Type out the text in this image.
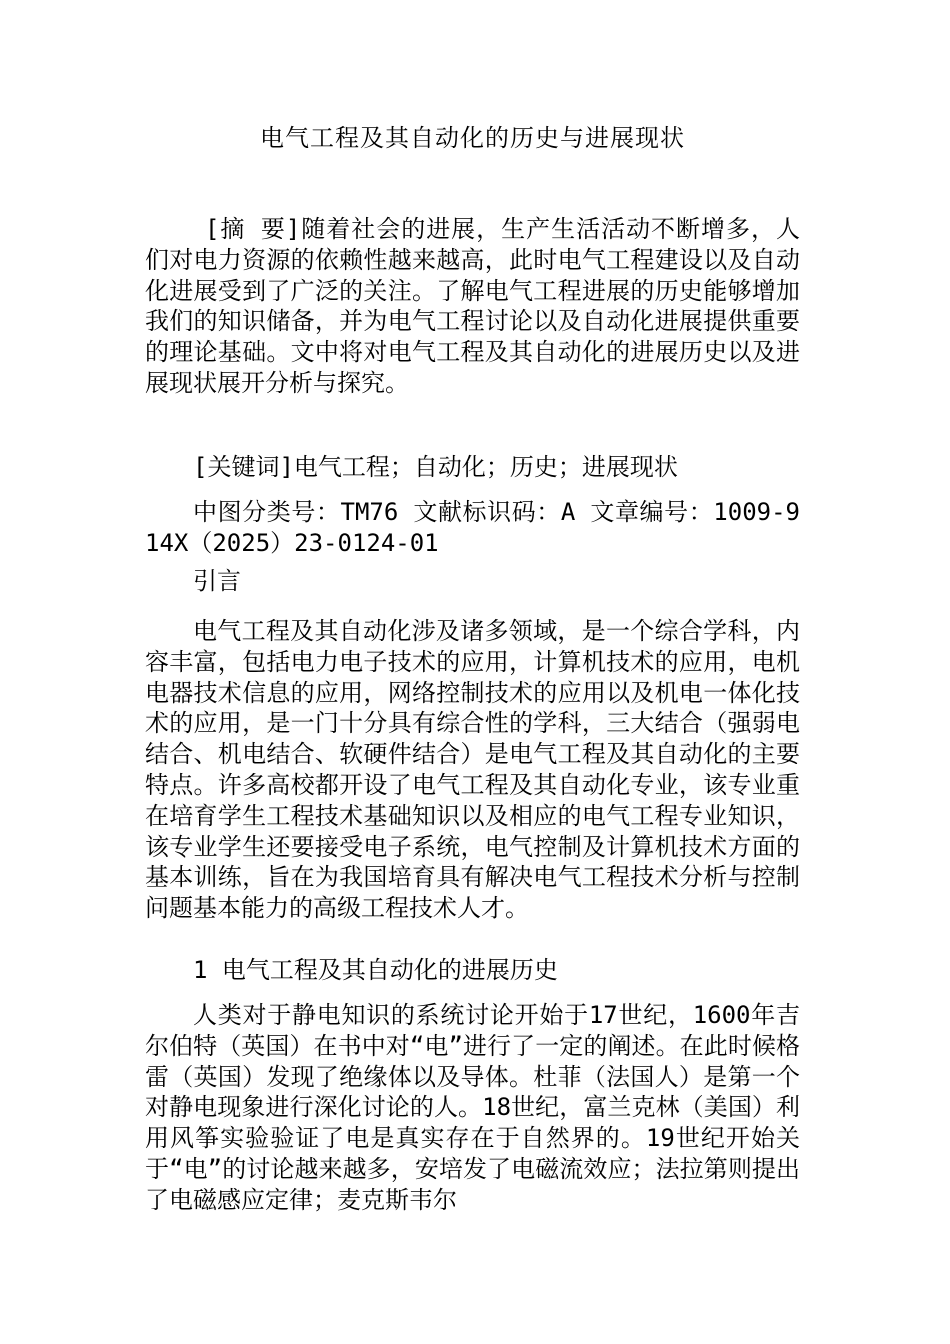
电气工程及其自动化的历史与进展现状

[摘 要]随着社会的进展，生产生活活动不断增多，人们对电力资源的依赖性越来越高，此时电气工程建设以及自动化进展受到了广泛的关注。了解电气工程进展的历史能够增加我们的知识储备，并为电气工程讨论以及自动化进展提供重要的理论基础。文中将对电气工程及其自动化的进展历史以及进展现状展开分析与探究。

[关键词]电气工程；自动化；历史；进展现状

中图分类号：TM76 文献标识码：A 文章编号：1009-914X（2025）23-0124-01

引言

电气工程及其自动化涉及诸多领域，是一个综合学科，内容丰富，包括电力电子技术的应用，计算机技术的应用，电机电器技术信息的应用，网络控制技术的应用以及机电一体化技术的应用，是一门十分具有综合性的学科，三大结合（强弱电结合、机电结合、软硬件结合）是电气工程及其自动化的主要特点。许多高校都开设了电气工程及其自动化专业，该专业重在培育学生工程技术基础知识以及相应的电气工程专业知识，该专业学生还要接受电子系统，电气控制及计算机技术方面的基本训练，旨在为我国培育具有解决电气工程技术分析与控制问题基本能力的高级工程技术人才。

1 电气工程及其自动化的进展历史

人类对于静电知识的系统讨论开始于17世纪，1600年吉尔伯特（英国）在书中对“电”进行了一定的阐述。在此时候格雷（英国）发现了绝缘体以及导体。杜菲（法国人）是第一个对静电现象进行深化讨论的人。18世纪，富兰克林（美国）利用风筝实验验证了电是真实存在于自然界的。19世纪开始关于“电”的讨论越来越多，安培发了电磁流效应；法拉第则提出了电磁感应定律；麦克斯韦尔
